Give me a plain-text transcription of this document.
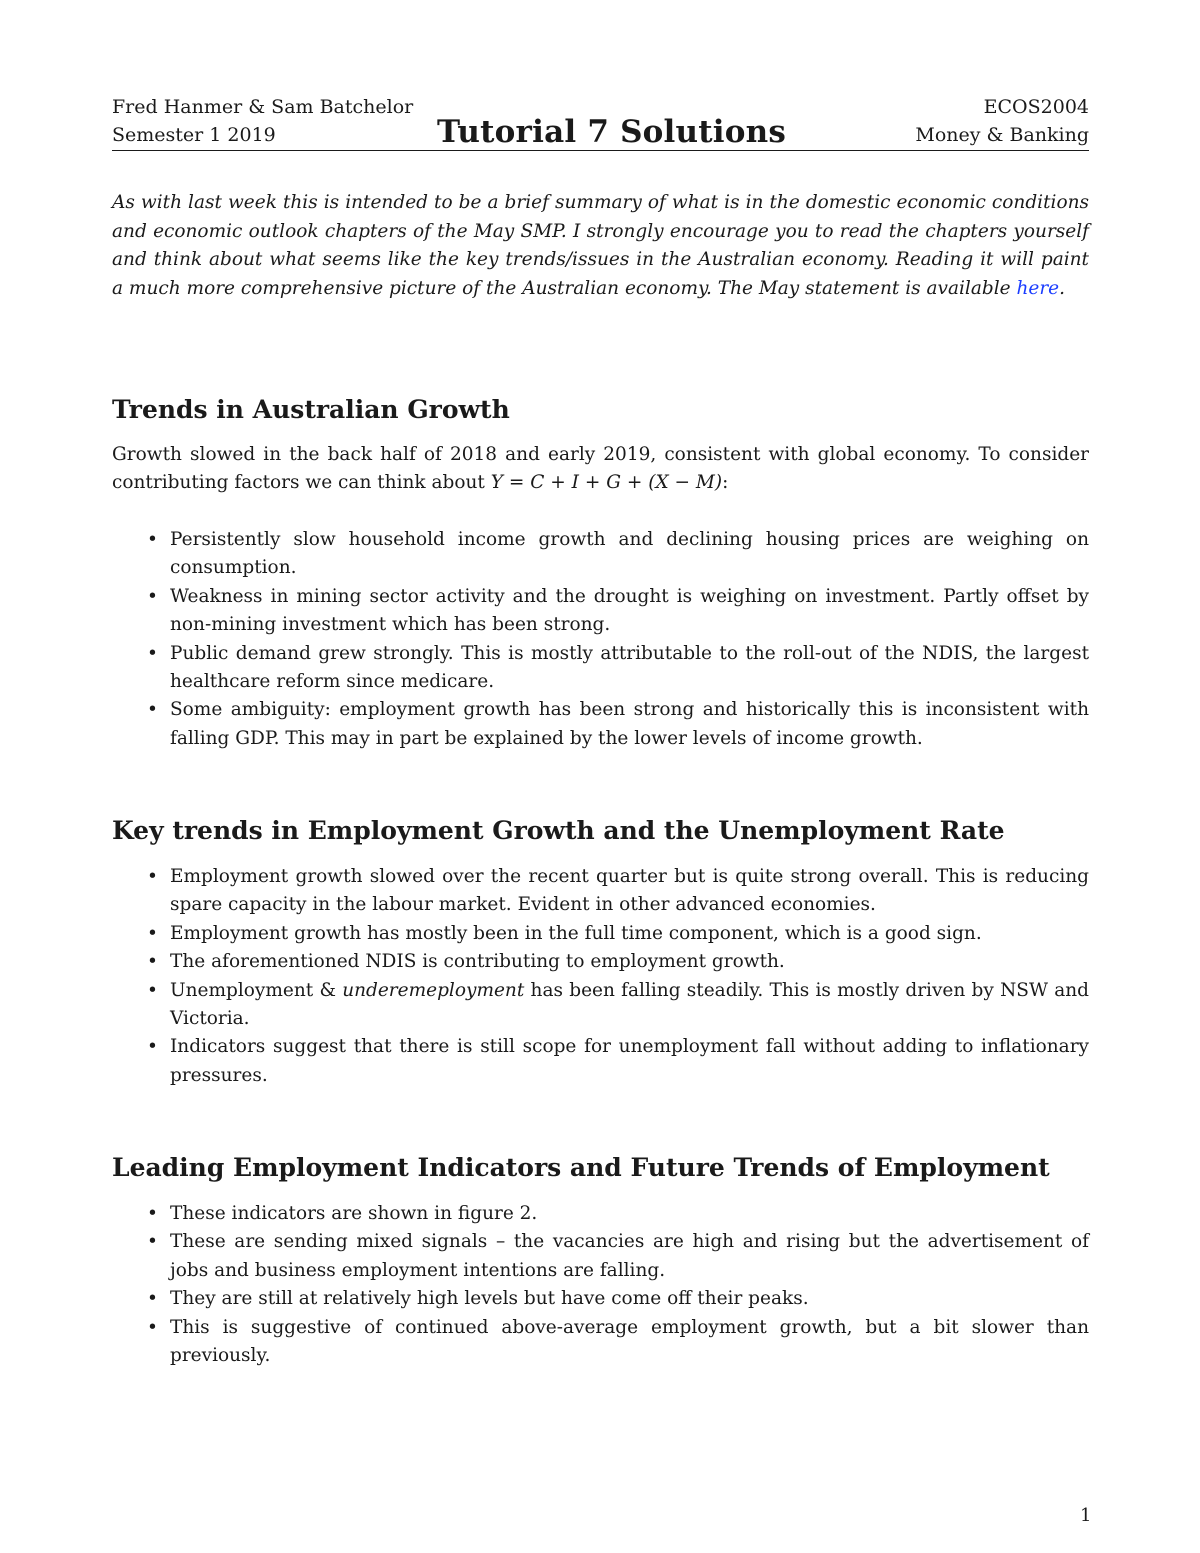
Fred Hanmer & Sam Batchelor	ECOS2004
Semester 1 2019	Money & Banking
Tutorial 7 Solutions
As with last week this is intended to be a brief summary of what is in the domestic economic conditions and economic outlook chapters of the May SMP. I strongly encourage you to read the chapters yourself and think about what seems like the key trends/issues in the Australian economy. Reading it will paint a much more comprehensive picture of the Australian economy. The May statement is available here.
Trends in Australian Growth
Growth slowed in the back half of 2018 and early 2019, consistent with global economy. To consider contributing factors we can think about Y = C + I + G + (X − M):
• Persistently slow household income growth and declining housing prices are weighing on consumption.
• Weakness in mining sector activity and the drought is weighing on investment. Partly offset by non-mining investment which has been strong.
• Public demand grew strongly. This is mostly attributable to the roll-out of the NDIS, the largest healthcare reform since medicare.
• Some ambiguity: employment growth has been strong and historically this is inconsistent with falling GDP. This may in part be explained by the lower levels of income growth.
Key trends in Employment Growth and the Unemployment Rate
• Employment growth slowed over the recent quarter but is quite strong overall. This is reducing spare capacity in the labour market. Evident in other advanced economies.
• Employment growth has mostly been in the full time component, which is a good sign.
• The aforementioned NDIS is contributing to employment growth.
• Unemployment & underemeployment has been falling steadily. This is mostly driven by NSW and Victoria.
• Indicators suggest that there is still scope for unemployment fall without adding to inflationary pressures.
Leading Employment Indicators and Future Trends of Employment
• These indicators are shown in figure 2.
• These are sending mixed signals – the vacancies are high and rising but the advertisement of jobs and business employment intentions are falling.
• They are still at relatively high levels but have come off their peaks.
• This is suggestive of continued above-average employment growth, but a bit slower than previously.
1
